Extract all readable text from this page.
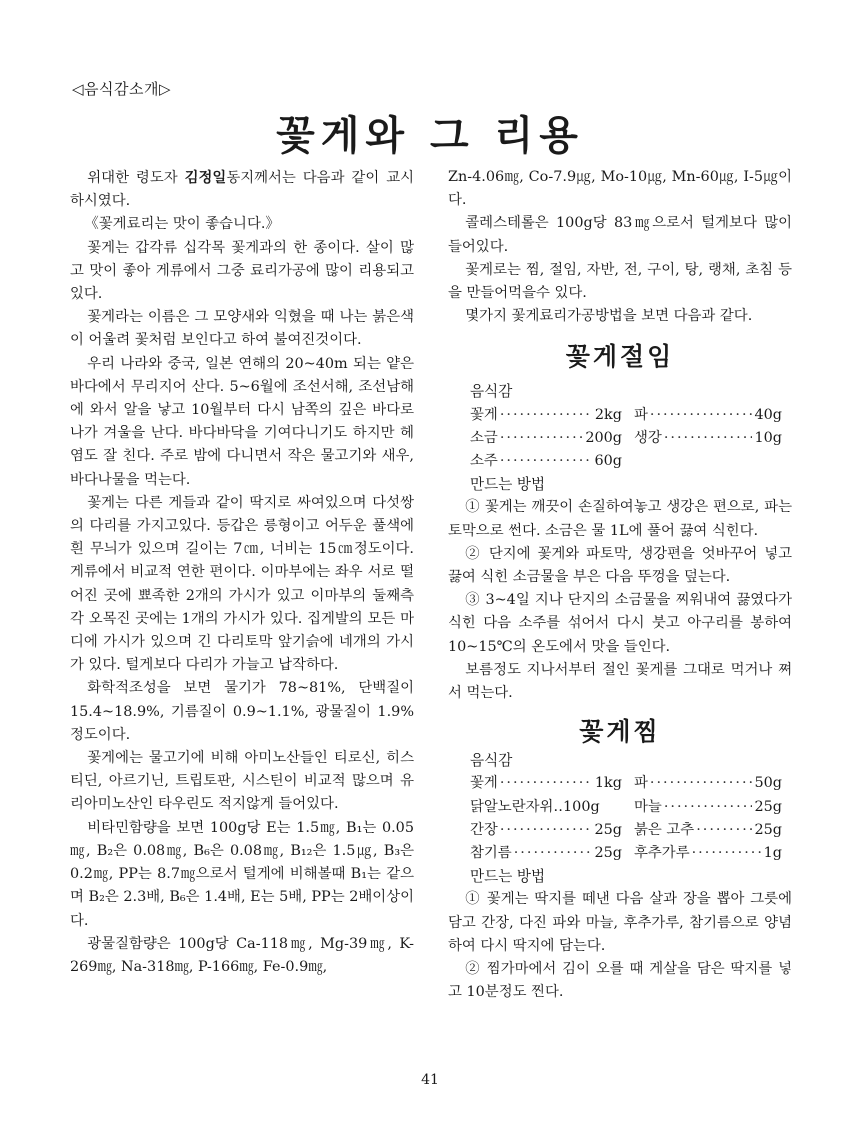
◁음식감소개▷
꽃게와 그 리용

위대한 령도자 김정일동지께서는 다음과 같이 교시하시였다.

《꽃게료리는 맛이 좋습니다.》

꽃게는 갑각류 십각목 꽃게과의 한 종이다. 살이 많고 맛이 좋아 게류에서 그중 료리가공에 많이 리용되고있다.

꽃게라는 이름은 그 모양새와 익혔을 때 나는 붉은색이 어울려 꽃처럼 보인다고 하여 불여진것이다.

우리 나라와 중국, 일본 연해의 20~40m 되는 얕은바다에서 무리지어 산다. 5~6월에 조선서해, 조선남해에 와서 알을 낳고 10월부터 다시 남쪽의 깊은 바다로 나가 겨울을 난다. 바다바닥을 기여다니기도 하지만 헤염도 잘 친다. 주로 밤에 다니면서 작은 물고기와 새우, 바다나물을 먹는다.

꽃게는 다른 게들과 같이 딱지로 싸여있으며 다섯쌍의 다리를 가지고있다. 등갑은 릉형이고 어두운 풀색에 흰 무늬가 있으며 길이는 7㎝, 너비는 15㎝정도이다. 게류에서 비교적 연한 편이다. 이마부에는 좌우 서로 떨어진 곳에 뾰족한 2개의 가시가 있고 이마부의 둘째측각 오목진 곳에는 1개의 가시가 있다. 집게발의 모든 마디에 가시가 있으며 긴 다리토막 앞기슭에 네개의 가시가 있다. 털게보다 다리가 가늘고 납작하다.

화학적조성을 보면 물기가 78~81%, 단백질이 15.4~18.9%, 기름질이 0.9~1.1%, 광물질이 1.9%정도이다.

꽃게에는 물고기에 비해 아미노산들인 티로신, 히스티딘, 아르기닌, 트립토판, 시스틴이 비교적 많으며 유리아미노산인 타우린도 적지않게 들어있다.

비타민함량을 보면 100g당 E는 1.5㎎, B₁는 0.05㎎, B₂은 0.08㎎, B₆은 0.08㎎, B₁₂은 1.5㎍, B₃은 0.2㎎, PP는 8.7㎎으로서 털게에 비해볼때 B₁는 같으며 B₂은 2.3배, B₆은 1.4배, E는 5배, PP는 2배이상이다.

광물질함량은 100g당 Ca-118㎎, Mg-39㎎, K-269㎎, Na-318㎎, P-166㎎, Fe-0.9㎎,

Zn-4.06㎎, Co-7.9㎍, Mo-10㎍, Mn-60㎍, I-5㎍이다.

콜레스테롤은 100g당 83㎎으로서 털게보다 많이 들어있다.

꽃게로는 찜, 절임, 자반, 전, 구이, 탕, 랭채, 초침 등을 만들어먹을수 있다.

몇가지 꽃게료리가공방법을 보면 다음과 같다.

꽃게절임
음식감
꽃게 ·····	2kg 파 ·····	40g
소금 ·····	200g 생강 ·····	10g
소주 ·····	60g
만드는 방법

① 꽃게는 깨끗이 손질하여놓고 생강은 편으로, 파는 토막으로 썬다. 소금은 물 1L에 풀어 끓여 식힌다.

② 단지에 꽃게와 파토막, 생강편을 엇바꾸어 넣고 끓여 식힌 소금물을 부은 다음 뚜껑을 덮는다.

③ 3~4일 지나 단지의 소금물을 찌워내여 끓였다가 식힌 다음 소주를 섞어서 다시 붓고 아구리를 봉하여 10~15℃의 온도에서 맛을 들인다.

보름정도 지나서부터 절인 꽃게를 그대로 먹거나 쪄서 먹는다.

꽃게찜
음식감
꽃게 ·····	1kg 파 ·····	50g
닭알노란자위‥ 100g 마늘 ·····	25g
간장 ·····	25g 붉은 고추 ·····	25g
참기름 ·····	25g 후추가루 ·····	1g
만드는 방법

① 꽃게는 딱지를 떼낸 다음 살과 장을 뽑아 그릇에 담고 간장, 다진 파와 마늘, 후추가루, 참기름으로 양념하여 다시 딱지에 담는다.

② 찜가마에서 김이 오를 때 게살을 담은 딱지를 넣고 10분정도 찐다.

41
